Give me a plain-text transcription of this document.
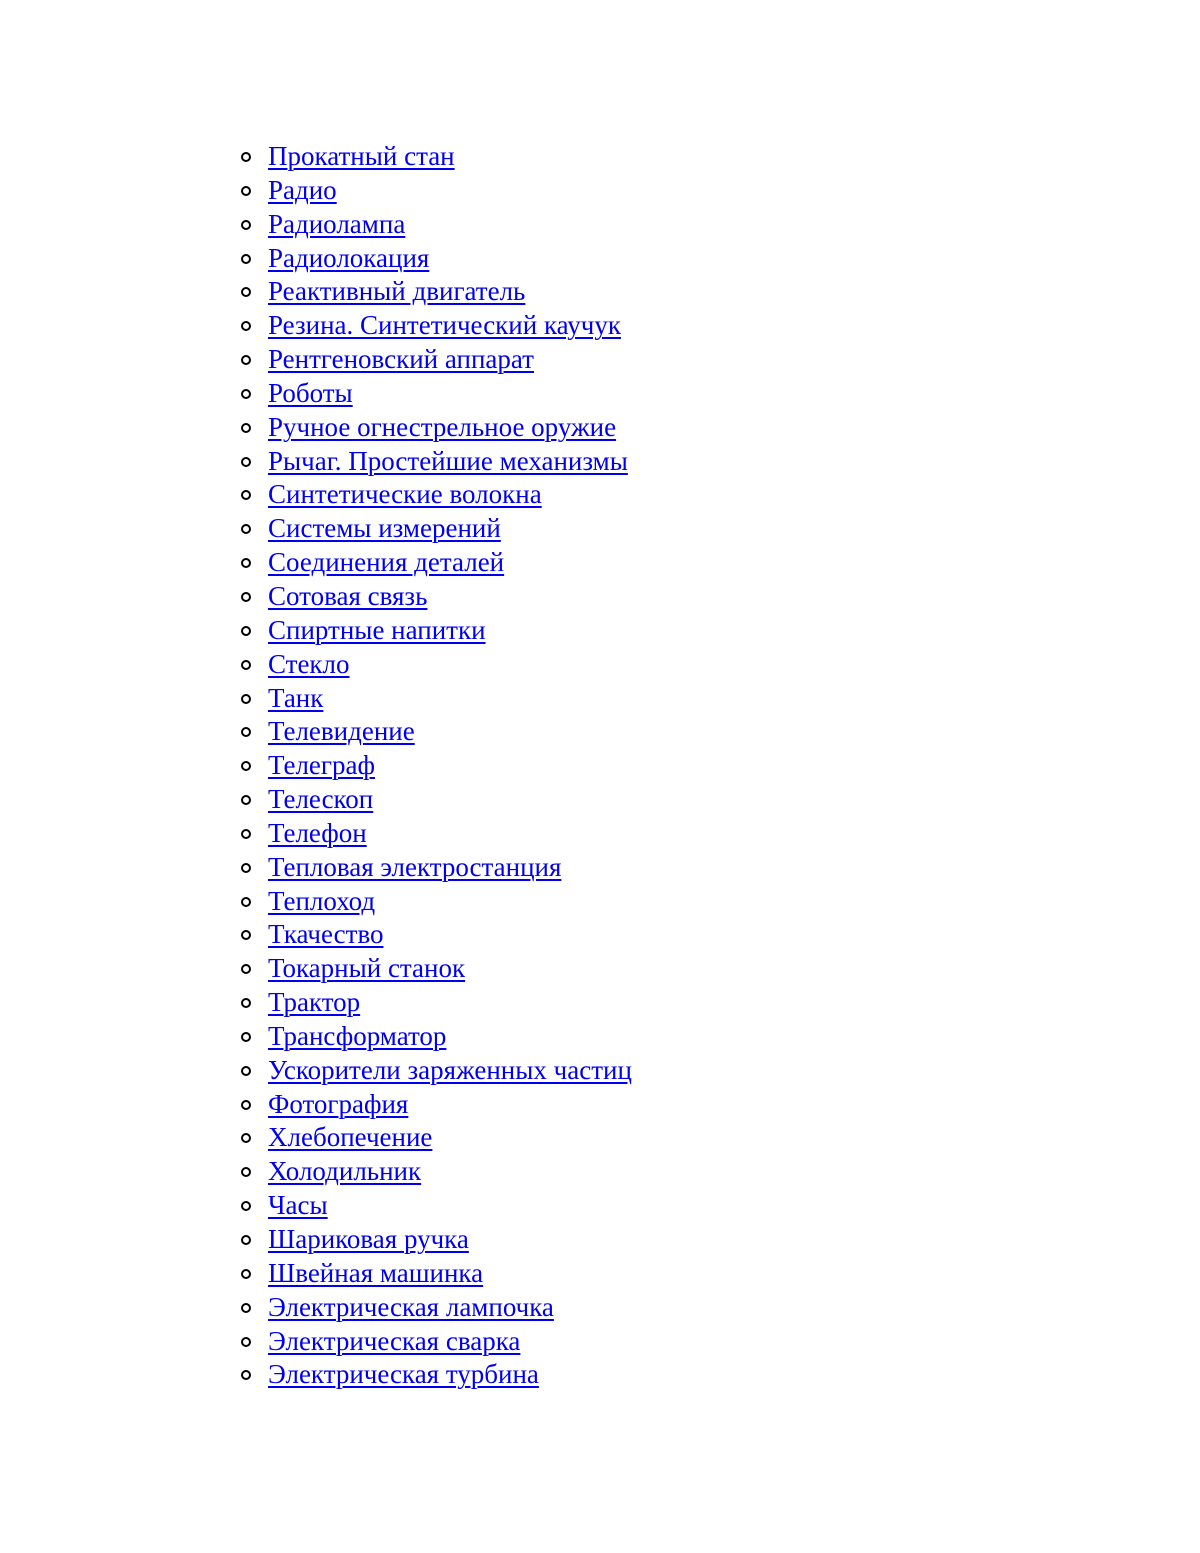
Прокатный стан
Радио
Радиолампа
Радиолокация
Реактивный двигатель
Резина. Синтетический каучук
Рентгеновский аппарат
Роботы
Ручное огнестрельное оружие
Рычаг. Простейшие механизмы
Синтетические волокна
Системы измерений
Соединения деталей
Сотовая связь
Спиртные напитки
Стекло
Танк
Телевидение
Телеграф
Телескоп
Телефон
Тепловая электростанция
Теплоход
Ткачество
Токарный станок
Трактор
Трансформатор
Ускорители заряженных частиц
Фотография
Хлебопечение
Холодильник
Часы
Шариковая ручка
Швейная машинка
Электрическая лампочка
Электрическая сварка
Электрическая турбина
